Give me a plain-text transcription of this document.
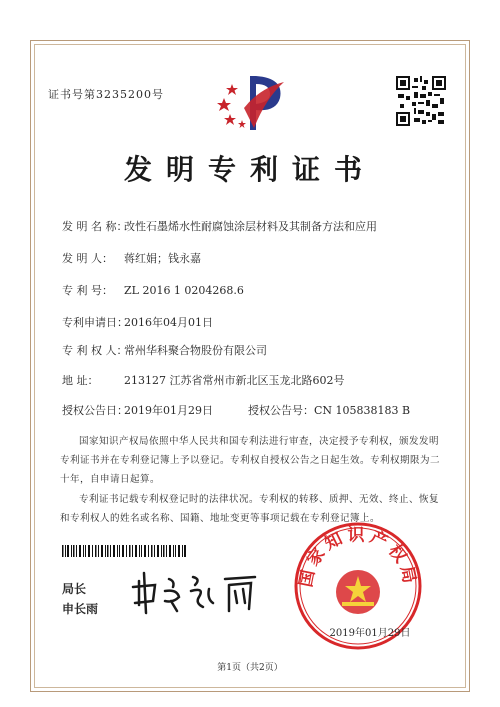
证书号第3235200号
发明专利证书
发 明 名 称：改性石墨烯水性耐腐蚀涂层材料及其制备方法和应用
发 明 人： 蒋红娟；钱永嘉
专 利 号： ZL 2016 1 0204268.6
专利申请日：2016年04月01日
专 利 权 人：常州华科聚合物股份有限公司
地 址： 213127 江苏省常州市新北区玉龙北路602号
授权公告日：2019年01月29日	授权公告号：CN 105838183 B
国家知识产权局依照中华人民共和国专利法进行审查，决定授予专利权，颁发发明专利证书并在专利登记簿上予以登记。专利权自授权公告之日起生效。专利权期限为二十年，自申请日起算。
专利证书记载专利权登记时的法律状况。专利权的转移、质押、无效、终止、恢复和专利权人的姓名或名称、国籍、地址变更等事项记载在专利登记簿上。
局长
申长雨
国家知识产权局
2019年01月29日
第1页（共2页）
